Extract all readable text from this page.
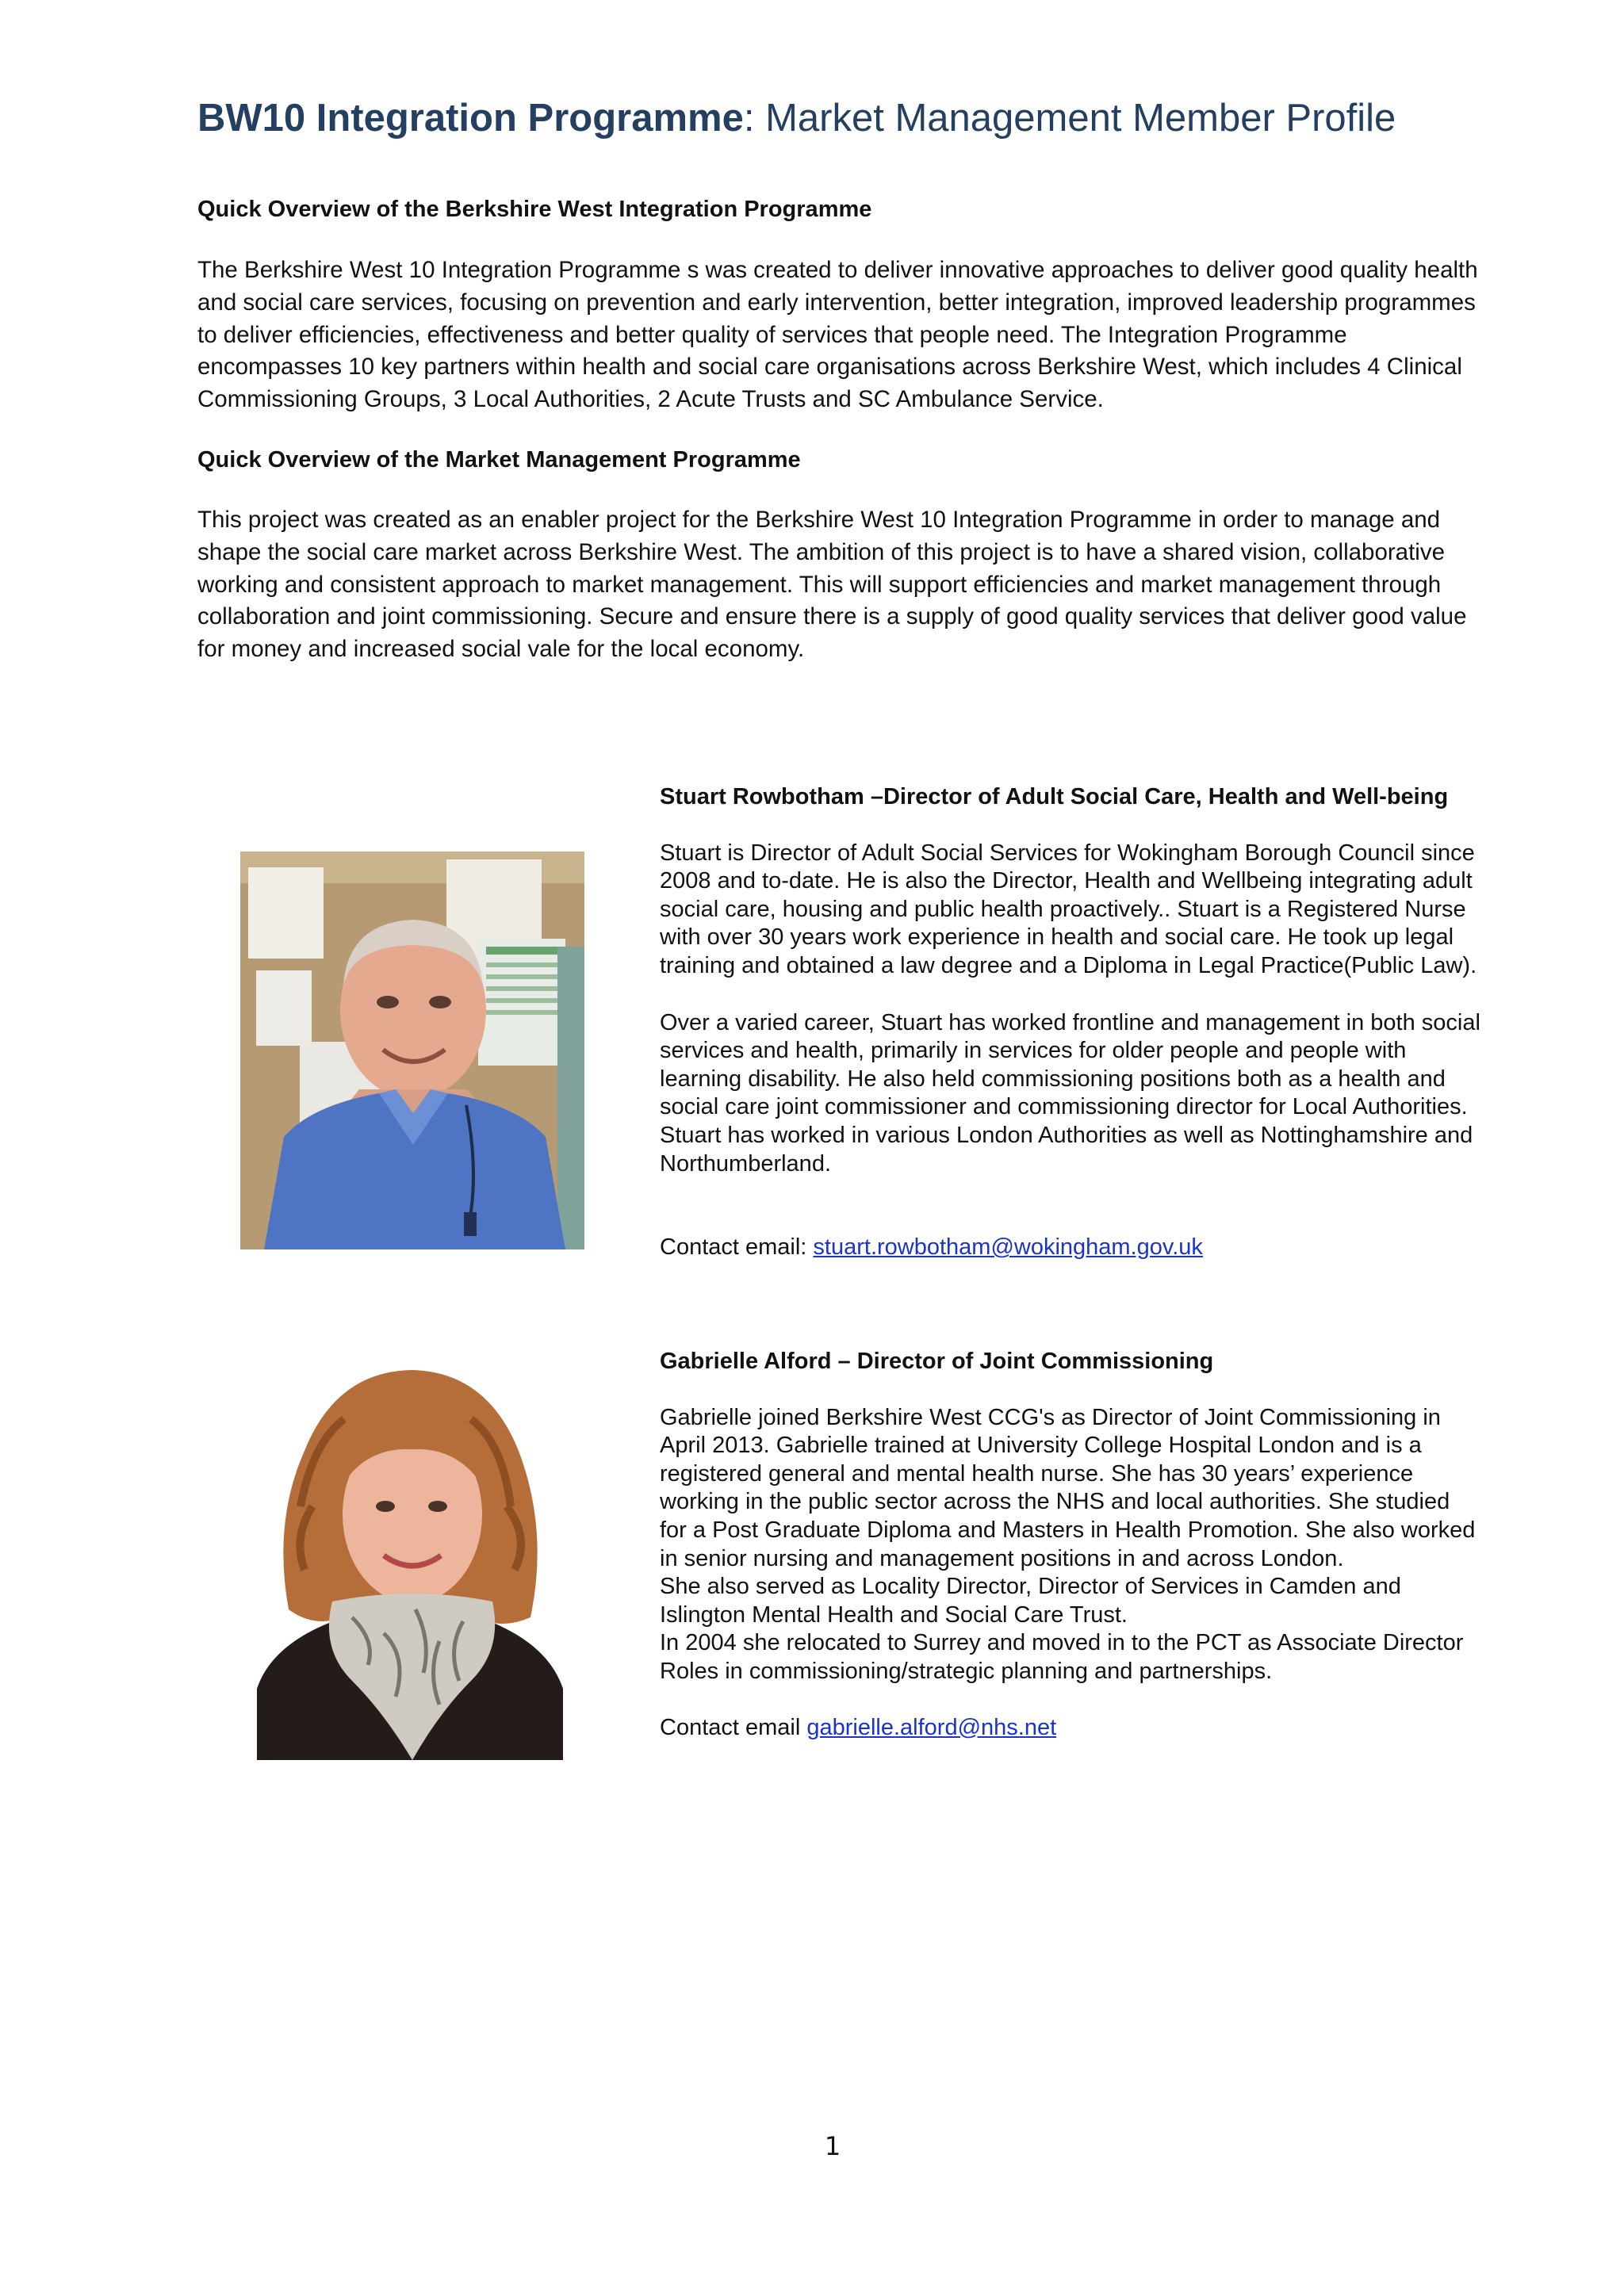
BW10 Integration Programme: Market Management Member Profile
Quick Overview of the Berkshire West Integration Programme

The Berkshire West 10 Integration Programme s was created to deliver innovative approaches to deliver good quality health and social care services, focusing on prevention and early intervention, better integration, improved leadership programmes to deliver efficiencies, effectiveness and better quality of services that people need. The Integration Programme encompasses 10 key partners within health and social care organisations across Berkshire West, which includes 4 Clinical Commissioning Groups, 3 Local Authorities, 2 Acute Trusts and SC Ambulance Service.

Quick Overview of the Market Management Programme

This project was created as an enabler project for the Berkshire West 10 Integration Programme in order to manage and shape the social care market across Berkshire West. The ambition of this project is to have a shared vision, collaborative working and consistent approach to market management. This will support efficiencies and market management through collaboration and joint commissioning. Secure and ensure there is a supply of good quality services that deliver good value for money and increased social vale for the local economy.

Stuart Rowbotham –Director of Adult Social Care, Health and Well-being

Stuart is Director of Adult Social Services for Wokingham Borough Council since 2008 and to-date. He is also the Director, Health and Wellbeing integrating adult social care, housing and public health proactively.. Stuart is a Registered Nurse with over 30 years work experience in health and social care. He took up legal training and obtained a law degree and a Diploma in Legal Practice(Public Law).

Over a varied career, Stuart has worked frontline and management in both social services and health, primarily in services for older people and people with learning disability. He also held commissioning positions both as a health and social care joint commissioner and commissioning director for Local Authorities. Stuart has worked in various London Authorities as well as Nottinghamshire and Northumberland.

Contact email: stuart.rowbotham@wokingham.gov.uk

Gabrielle Alford – Director of Joint Commissioning

Gabrielle joined Berkshire West CCG's as Director of Joint Commissioning in April 2013. Gabrielle trained at University College Hospital London and is a registered general and mental health nurse. She has 30 years’ experience working in the public sector across the NHS and local authorities. She studied for a Post Graduate Diploma and Masters in Health Promotion. She also worked in senior nursing and management positions in and across London.

She also served as Locality Director, Director of Services in Camden and Islington Mental Health and Social Care Trust.

In 2004 she relocated to Surrey and moved in to the PCT as Associate Director Roles in commissioning/strategic planning and partnerships.

Contact email gabrielle.alford@nhs.net

1
